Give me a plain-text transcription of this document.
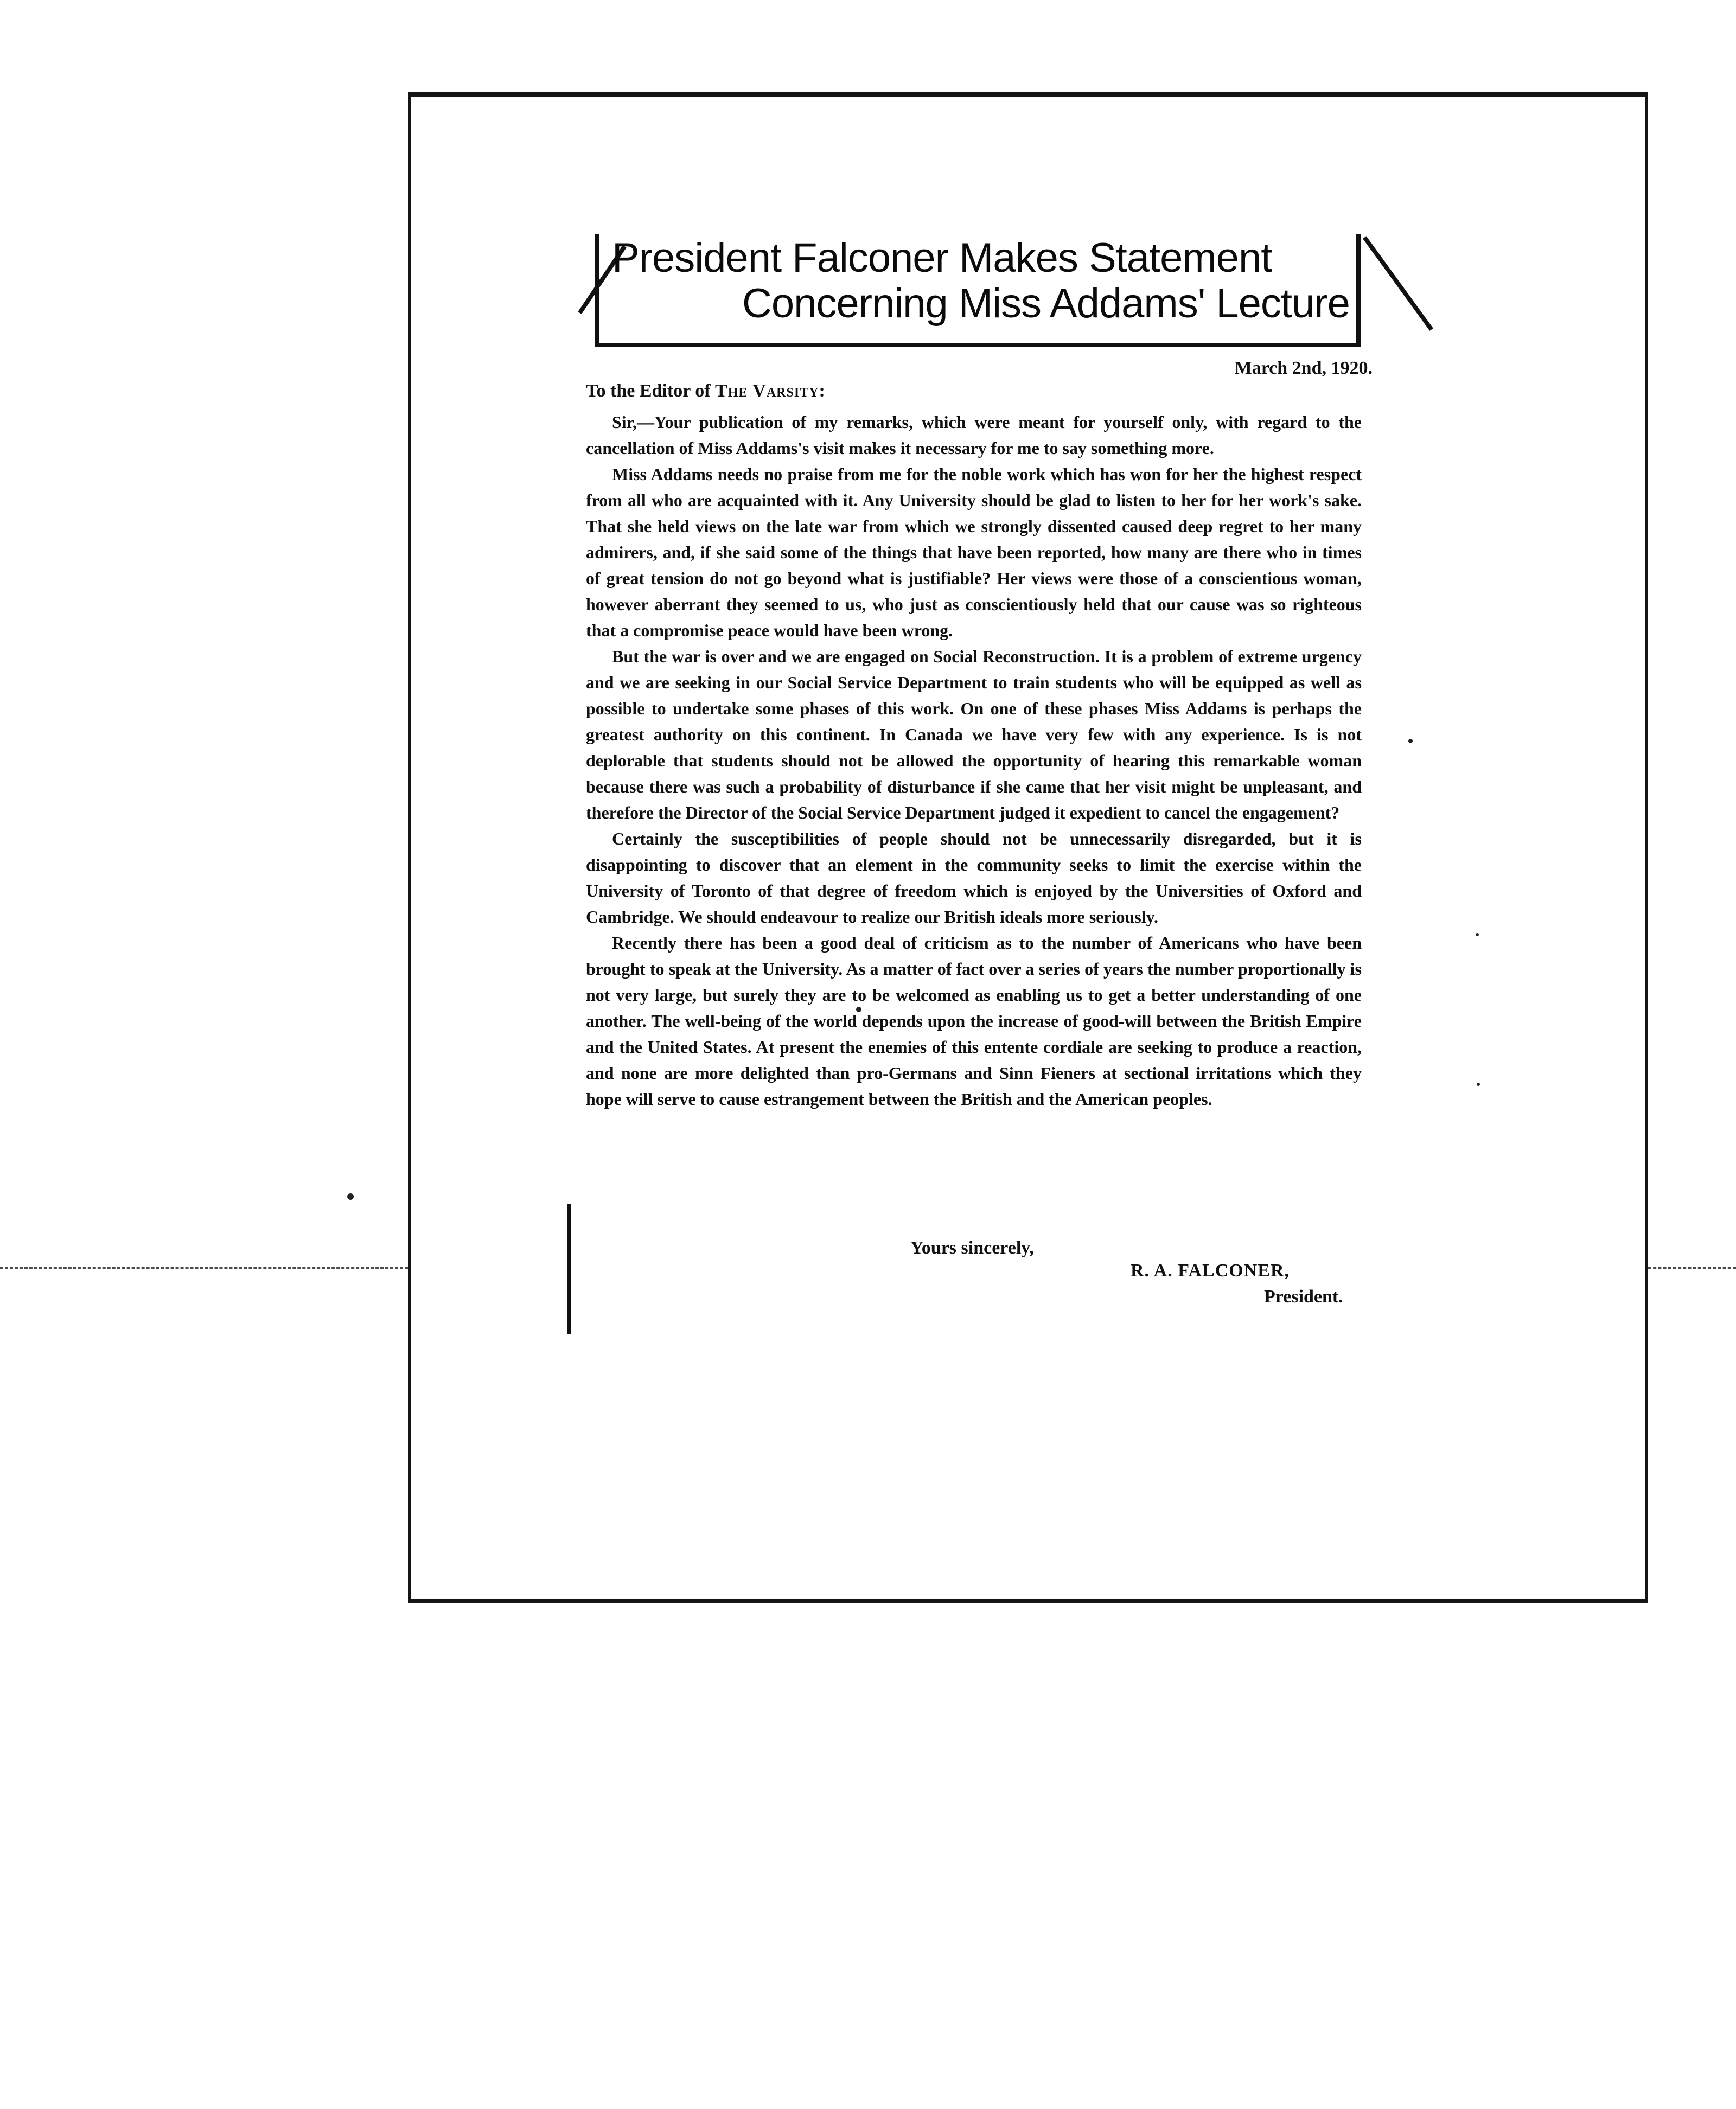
President Falconer Makes Statement
Concerning Miss Addams' Lecture
March 2nd, 1920.
To the Editor of The Varsity:

Sir,—Your publication of my remarks, which were meant for yourself only, with regard to the cancellation of Miss Addams's visit makes it necessary for me to say something more.

Miss Addams needs no praise from me for the noble work which has won for her the highest respect from all who are acquainted with it. Any University should be glad to listen to her for her work's sake. That she held views on the late war from which we strongly dissented caused deep regret to her many admirers, and, if she said some of the things that have been reported, how many are there who in times of great tension do not go beyond what is justifiable? Her views were those of a conscientious woman, however aberrant they seemed to us, who just as conscientiously held that our cause was so righteous that a compromise peace would have been wrong.

But the war is over and we are engaged on Social Reconstruction. It is a problem of extreme urgency and we are seeking in our Social Service Department to train students who will be equipped as well as possible to undertake some phases of this work. On one of these phases Miss Addams is perhaps the greatest authority on this continent. In Canada we have very few with any experience. Is is not deplorable that students should not be allowed the opportunity of hearing this remarkable woman because there was such a probability of disturbance if she came that her visit might be unpleasant, and therefore the Director of the Social Service Department judged it expedient to cancel the engagement?

Certainly the susceptibilities of people should not be unnecessarily disregarded, but it is disappointing to discover that an element in the community seeks to limit the exercise within the University of Toronto of that degree of freedom which is enjoyed by the Universities of Oxford and Cambridge. We should endeavour to realize our British ideals more seriously.

Recently there has been a good deal of criticism as to the number of Americans who have been brought to speak at the University. As a matter of fact over a series of years the number proportionally is not very large, but surely they are to be welcomed as enabling us to get a better understanding of one another. The well-being of the world depends upon the increase of good-will between the British Empire and the United States. At present the enemies of this entente cordiale are seeking to produce a reaction, and none are more delighted than pro-Germans and Sinn Fieners at sectional irritations which they hope will serve to cause estrangement between the British and the American peoples.

Yours sincerely,
R. A. FALCONER,
President.
